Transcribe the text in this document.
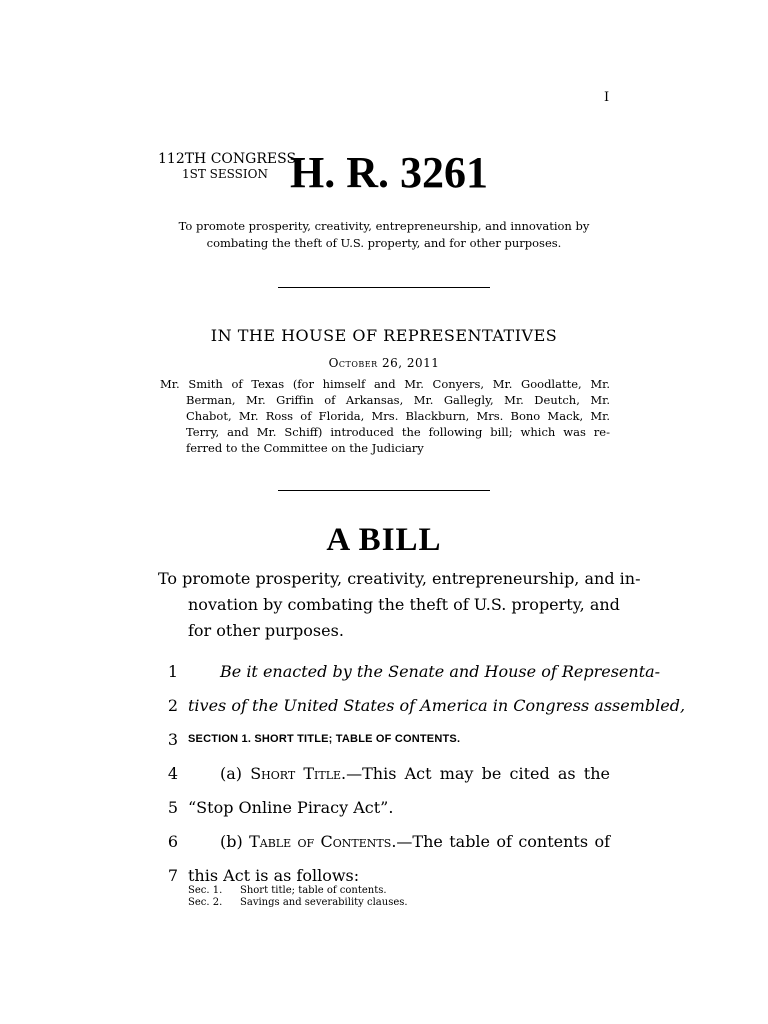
I
112TH CONGRESS
1ST SESSION H. R. 3261
To promote prosperity, creativity, entrepreneurship, and innovation by
combating the theft of U.S. property, and for other purposes.
IN THE HOUSE OF REPRESENTATIVES
October 26, 2011
Mr. Smith of Texas (for himself and Mr. Conyers, Mr. Goodlatte, Mr.
Berman, Mr. Griffin of Arkansas, Mr. Gallegly, Mr. Deutch, Mr.
Chabot, Mr. Ross of Florida, Mrs. Blackburn, Mrs. Bono Mack, Mr.
Terry, and Mr. Schiff) introduced the following bill; which was re-
ferred to the Committee on the Judiciary
A BILL
To promote prosperity, creativity, entrepreneurship, and in-
novation by combating the theft of U.S. property, and
for other purposes.
1	Be it enacted by the Senate and House of Representa-
2 tives of the United States of America in Congress assembled,
3 SECTION 1. SHORT TITLE; TABLE OF CONTENTS.
4	(a) Short Title.—This Act may be cited as the
5 “Stop Online Piracy Act”.
6	(b) Table of Contents.—The table of contents of
7 this Act is as follows:
Sec. 1. Short title; table of contents.
Sec. 2. Savings and severability clauses.
